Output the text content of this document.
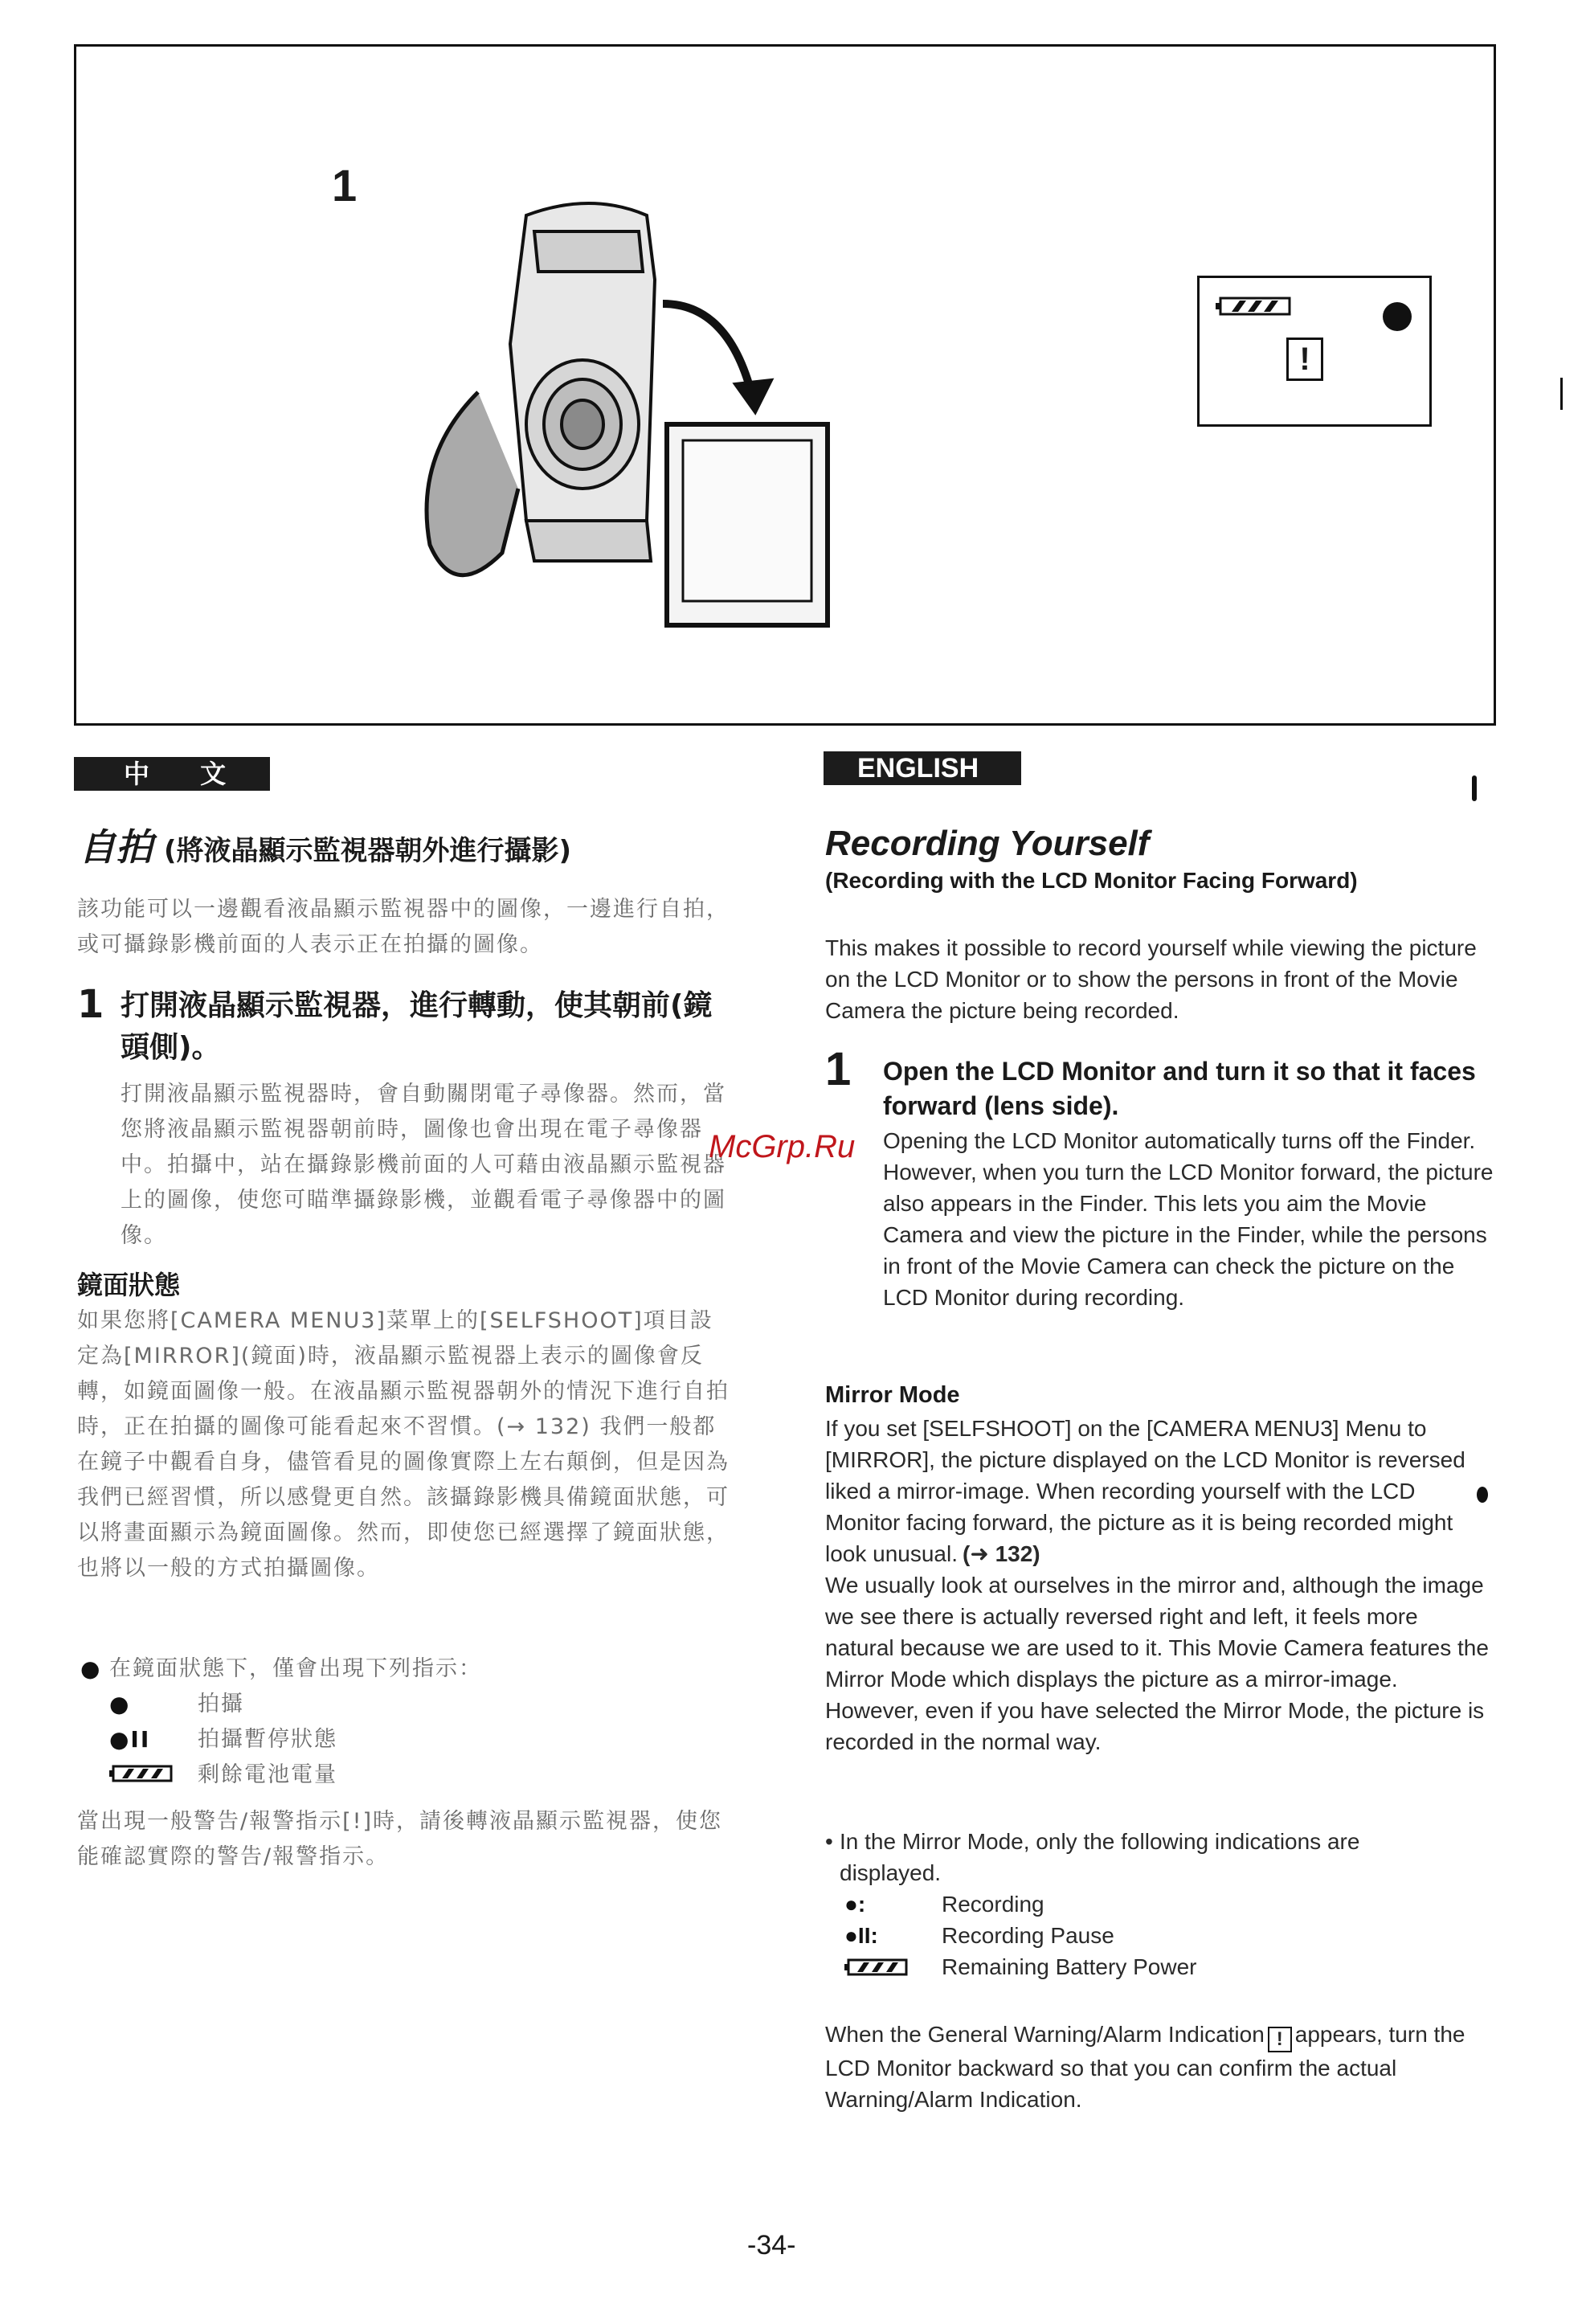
1
!
中 文	ENGLISH
自拍 (將液晶顯示監視器朝外進行攝影)
該功能可以一邊觀看液晶顯示監視器中的圖像，一邊進行自拍，或可攝錄影機前面的人表示正在拍攝的圖像。
1 打開液晶顯示監視器，進行轉動，使其朝前(鏡頭側)。
打開液晶顯示監視器時，會自動關閉電子尋像器。然而，當您將液晶顯示監視器朝前時，圖像也會出現在電子尋像器中。拍攝中，站在攝錄影機前面的人可藉由液晶顯示監視器上的圖像，使您可瞄準攝錄影機，並觀看電子尋像器中的圖像。
鏡面狀態
如果您將[CAMERA MENU3]菜單上的[SELFSHOOT]項目設定為[MIRROR](鏡面)時，液晶顯示監視器上表示的圖像會反轉，如鏡面圖像一般。在液晶顯示監視器朝外的情況下進行自拍時，正在拍攝的圖像可能看起來不習慣。(→ 132) 我們一般都在鏡子中觀看自身，儘管看見的圖像實際上左右顛倒，但是因為我們已經習慣，所以感覺更自然。該攝錄影機具備鏡面狀態，可以將畫面顯示為鏡面圖像。然而，即使您已經選擇了鏡面狀態，也將以一般的方式拍攝圖像。
● 在鏡面狀態下，僅會出現下列指示：
●	拍攝
●II 拍攝暫停狀態
剩餘電池電量
當出現一般警告/報警指示[!]時，請後轉液晶顯示監視器，使您能確認實際的警告/報警指示。
McGrp.Ru
Recording Yourself
(Recording with the LCD Monitor Facing Forward)
This makes it possible to record yourself while viewing the picture on the LCD Monitor or to show the persons in front of the Movie Camera the picture being recorded.
1 Open the LCD Monitor and turn it so that it faces forward (lens side).
Opening the LCD Monitor automatically turns off the Finder. However, when you turn the LCD Monitor forward, the picture also appears in the Finder. This lets you aim the Movie Camera and view the picture in the Finder, while the persons in front of the Movie Camera can check the picture on the LCD Monitor during recording.
Mirror Mode
If you set [SELFSHOOT] on the [CAMERA MENU3] Menu to [MIRROR], the picture displayed on the LCD Monitor is reversed liked a mirror-image. When recording yourself with the LCD Monitor facing forward, the picture as it is being recorded might look unusual. (➜ 132)
We usually look at ourselves in the mirror and, although the image we see there is actually reversed right and left, it feels more natural because we are used to it. This Movie Camera features the Mirror Mode which displays the picture as a mirror-image. However, even if you have selected the Mirror Mode, the picture is recorded in the normal way.
• In the Mirror Mode, only the following indications are
displayed.
●:	Recording
●II:	Recording Pause
Remaining Battery Power
When the General Warning/Alarm Indication ! appears, turn the LCD Monitor backward so that you can confirm the actual Warning/Alarm Indication.
-34-
